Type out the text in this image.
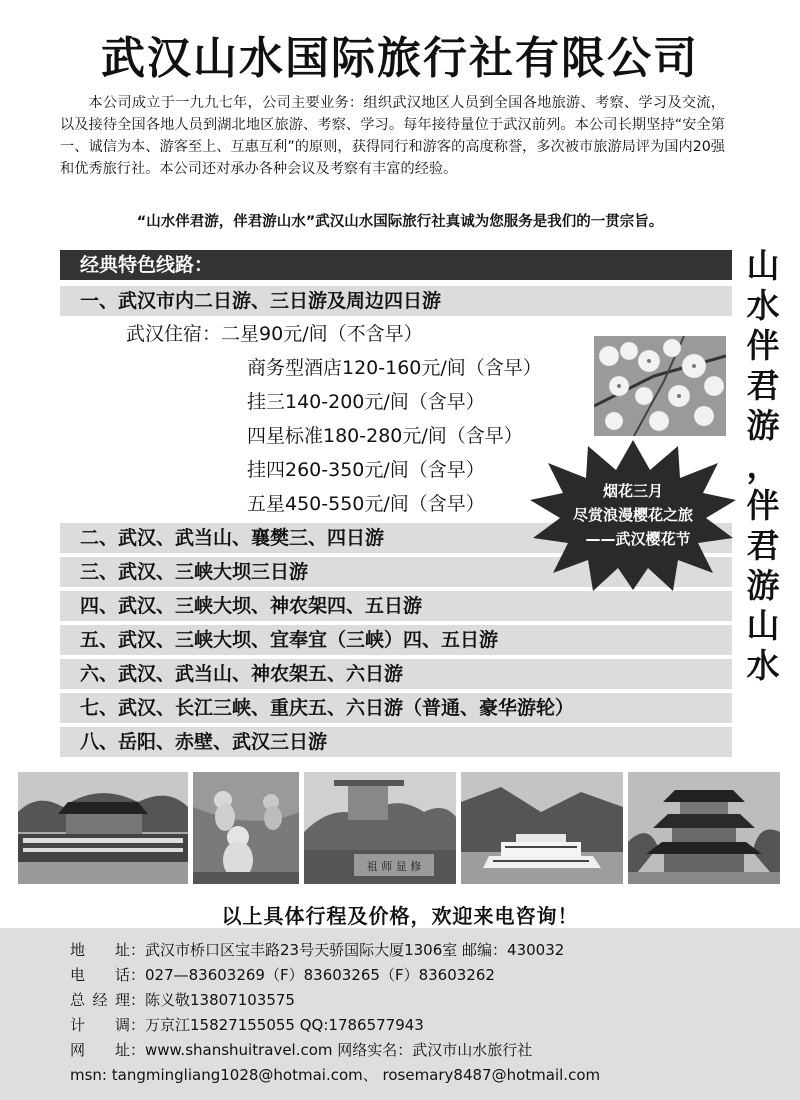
武汉山水国际旅行社有限公司
本公司成立于一九九七年，公司主要业务：组织武汉地区人员到全国各地旅游、考察、学习及交流，以及接待全国各地人员到湖北地区旅游、考察、学习。每年接待量位于武汉前列。本公司长期坚持“安全第一、诚信为本、游客至上、互惠互利”的原则，获得同行和游客的高度称誉，多次被市旅游局评为国内20强和优秀旅行社。本公司还对承办各种会议及考察有丰富的经验。
“山水伴君游，伴君游山水”武汉山水国际旅行社真诚为您服务是我们的一贯宗旨。
经典特色线路：
一、武汉市内二日游、三日游及周边四日游
武汉住宿：二星90元/间（不含早）
商务型酒店120-160元/间（含早）
挂三140-200元/间（含早）
四星标准180-280元/间（含早）
挂四260-350元/间（含早）
五星450-550元/间（含早）
二、武汉、武当山、襄樊三、四日游
三、武汉、三峡大坝三日游
四、武汉、三峡大坝、神农架四、五日游
五、武汉、三峡大坝、宜奉宜（三峡）四、五日游
六、武汉、武当山、神农架五、六日游
七、武汉、长江三峡、重庆五、六日游（普通、豪华游轮）
八、岳阳、赤壁、武汉三日游
烟花三月
尽赏浪漫樱花之旅
——武汉樱花节
山
水
伴
君
游
，
伴
君
游
山
水
祖 师 显 修
以上具体行程及价格，欢迎来电咨询！
地址：武汉市桥口区宝丰路23号天骄国际大厦1306室 邮编：430032
电话：027—83603269（F）83603265（F）83603262
总经理：陈义敬13807103575
计调：万京江15827155055 QQ:1786577943
网址：www.shanshuitravel.com 网络实名：武汉市山水旅行社
msn: tangmingliang1028@hotmai.com、 rosemary8487@hotmail.com
